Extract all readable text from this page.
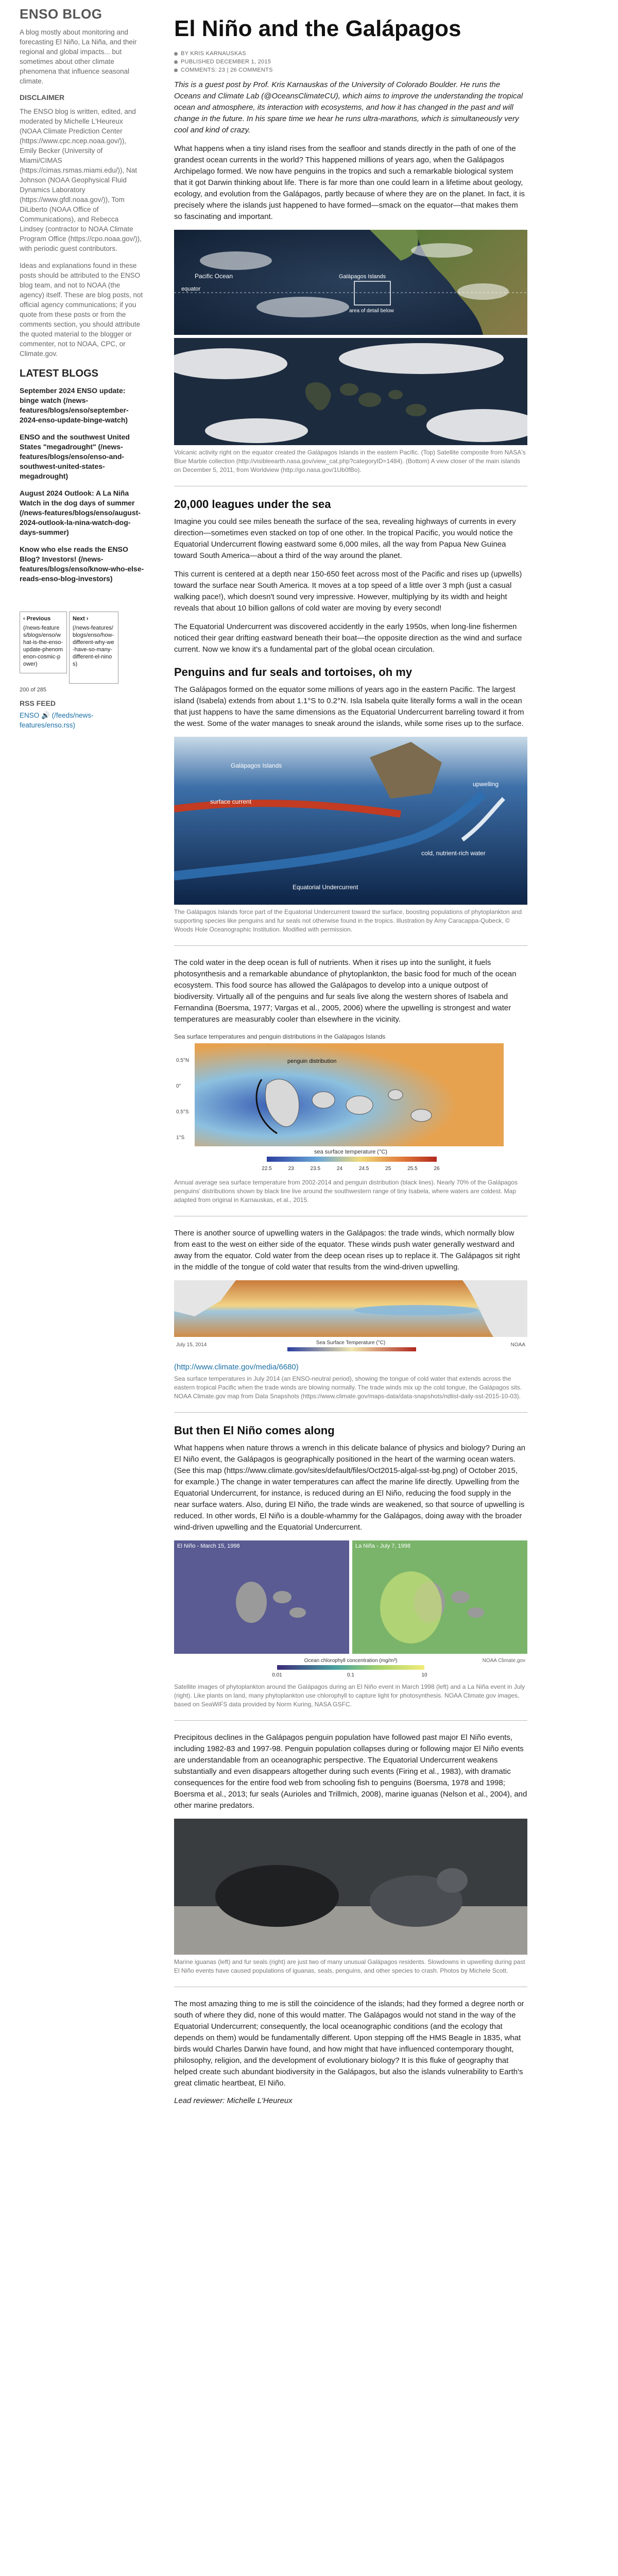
ENSO BLOG
A blog mostly about monitoring and forecasting El Niño, La Niña, and their regional and global impacts... but sometimes about other climate phenomena that influence seasonal climate.
DISCLAIMER
The ENSO blog is written, edited, and moderated by Michelle L'Heureux (NOAA Climate Prediction Center (https://www.cpc.ncep.noaa.gov/)), Emily Becker (University of Miami/CIMAS (https://cimas.rsmas.miami.edu/)), Nat Johnson (NOAA Geophysical Fluid Dynamics Laboratory (https://www.gfdl.noaa.gov/)), Tom DiLiberto (NOAA Office of Communications), and Rebecca Lindsey (contractor to NOAA Climate Program Office (https://cpo.noaa.gov/)), with periodic guest contributors.
Ideas and explanations found in these posts should be attributed to the ENSO blog team, and not to NOAA (the agency) itself. These are blog posts, not official agency communications; if you quote from these posts or from the comments section, you should attribute the quoted material to the blogger or commenter, not to NOAA, CPC, or Climate.gov.
LATEST BLOGS
September 2024 ENSO update: binge watch (/news-features/blogs/enso/september-2024-enso-update-binge-watch)
ENSO and the southwest United States "megadrought" (/news-features/blogs/enso/enso-and-southwest-united-states-megadrought)
August 2024 Outlook: A La Niña Watch in the dog days of summer (/news-features/blogs/enso/august-2024-outlook-la-nina-watch-dog-days-summer)
Know who else reads the ENSO Blog? Investors! (/news-features/blogs/enso/know-who-else-reads-enso-blog-investors)
‹ Previous
(/news-features/blogs/enso/what-is-the-enso-update-phenomenon-cosmic-power)
Next ›
(/news-features/blogs/enso/how-different-why-we-have-so-many-different-el-ninos)
200 of 285
RSS FEED
ENSO 🔊 (/feeds/news-features/enso.rss)
El Niño and the Galápagos
BY KRIS KARNAUSKAS
PUBLISHED DECEMBER 1, 2015
COMMENTS: 23 | 26 COMMENTS

This is a guest post by Prof. Kris Karnauskas of the University of Colorado Boulder. He runs the Oceans and Climate Lab (@OceansClimateCU), which aims to improve the understanding the tropical ocean and atmosphere, its interaction with ecosystems, and how it has changed in the past and will change in the future. In his spare time we hear he runs ultra-marathons, which is simultaneously very cool and kind of crazy.

What happens when a tiny island rises from the seafloor and stands directly in the path of one of the grandest ocean currents in the world? This happened millions of years ago, when the Galápagos Archipelago formed. We now have penguins in the tropics and such a remarkable biological system that it got Darwin thinking about life. There is far more than one could learn in a lifetime about geology, ecology, and evolution from the Galápagos, partly because of where they are on the planet. In fact, it is precisely where the islands just happened to have formed—smack on the equator—that makes them so fascinating and important.

Pacific Ocean	Galápagos Islands
equator
area of detail below

Volcanic activity right on the equator created the Galápagos Islands in the eastern Pacific. (Top) Satellite composite from NASA's Blue Marble collection (http://visibleearth.nasa.gov/view_cat.php?categoryID=1484). (Bottom) A view closer of the main islands on December 5, 2011, from Worldview (http://go.nasa.gov/1Ub0fBo).

20,000 leagues under the sea

Imagine you could see miles beneath the surface of the sea, revealing highways of currents in every direction—sometimes even stacked on top of one other. In the tropical Pacific, you would notice the Equatorial Undercurrent flowing eastward some 6,000 miles, all the way from Papua New Guinea toward South America—about a third of the way around the planet.

This current is centered at a depth near 150-650 feet across most of the Pacific and rises up (upwells) toward the surface near South America. It moves at a top speed of a little over 3 mph (just a casual walking pace!), which doesn't sound very impressive. However, multiplying by its width and height reveals that about 10 billion gallons of cold water are moving by every second!

The Equatorial Undercurrent was discovered accidently in the early 1950s, when long-line fishermen noticed their gear drifting eastward beneath their boat—the opposite direction as the wind and surface current. Now we know it's a fundamental part of the global ocean circulation.

Penguins and fur seals and tortoises, oh my

The Galápagos formed on the equator some millions of years ago in the eastern Pacific. The largest island (Isabela) extends from about 1.1°S to 0.2°N. Isla Isabela quite literally forms a wall in the ocean that just happens to have the same dimensions as the Equatorial Undercurrent barreling toward it from the west. Some of the water manages to sneak around the islands, while some rises up to the surface.

Galápagos Islands
surface current
upwelling
cold, nutrient-rich water
Equatorial Undercurrent

The Galápagos Islands force part of the Equatorial Undercurrent toward the surface, boosting populations of phytoplankton and supporting species like penguins and fur seals not otherwise found in the tropics. Illustration by Amy Caracappa-Qubeck, © Woods Hole Oceanographic Institution. Modified with permission.

The cold water in the deep ocean is full of nutrients. When it rises up into the sunlight, it fuels photosynthesis and a remarkable abundance of phytoplankton, the basic food for much of the ocean ecosystem. This food source has allowed the Galápagos to develop into a unique outpost of biodiversity. Virtually all of the penguins and fur seals live along the western shores of Isabela and Fernandina (Boersma, 1977; Vargas et al., 2005, 2006) where the upwelling is strongest and water temperatures are measurably cooler than elsewhere in the vicinity.

Sea surface temperatures and penguin distributions in the Galápagos Islands
penguin distribution
0.5°N
0°
0.5°S
1°S
sea surface temperature (°C)
22.5	23	23.5	24	24.5	25	25.5	26

Annual average sea surface temperature from 2002-2014 and penguin distribution (black lines). Nearly 70% of the Galápagos penguins' distributions shown by black line live around the southwestern range of tiny Isabela, where waters are coldest. Map adapted from original in Karnauskas, et al., 2015.

There is another source of upwelling waters in the Galápagos: the trade winds, which normally blow from east to the west on either side of the equator. These winds push water generally westward and away from the equator. Cold water from the deep ocean rises up to replace it. The Galápagos sit right in the middle of the tongue of cold water that results from the wind-driven upwelling.

July 15, 2014	Sea Surface Temperature (°C)	NOAA
(http://www.climate.gov/media/6680)

Sea surface temperatures in July 2014 (an ENSO-neutral period), showing the tongue of cold water that extends across the eastern tropical Pacific when the trade winds are blowing normally. The trade winds mix up the cold tongue, the Galápagos sits. NOAA Climate.gov map from Data Snapshots (https://www.climate.gov/maps-data/data-snapshots/ndlist-daily-sst-2015-10-03).

But then El Niño comes along

What happens when nature throws a wrench in this delicate balance of physics and biology? During an El Niño event, the Galápagos is geographically positioned in the heart of the warming ocean waters. (See this map (https://www.climate.gov/sites/default/files/Oct2015-algal-sst-bg.png) of October 2015, for example.) The change in water temperatures can affect the marine life directly. Upwelling from the Equatorial Undercurrent, for instance, is reduced during an El Niño, reducing the food supply in the near surface waters. Also, during El Niño, the trade winds are weakened, so that source of upwelling is reduced. In other words, El Niño is a double-whammy for the Galápagos, doing away with the broader wind-driven upwelling and the Equatorial Undercurrent.

El Niño - March 15, 1998	La Niña - July 7, 1998
Ocean chlorophyll concentration (mg/m³)
0.01	0.1	10
NOAA Climate.gov

Satellite images of phytoplankton around the Galápagos during an El Niño event in March 1998 (left) and a La Niña event in July (right). Like plants on land, many phytoplankton use chlorophyll to capture light for photosynthesis. NOAA Climate.gov images, based on SeaWiFS data provided by Norm Kuring, NASA GSFC.

Precipitous declines in the Galápagos penguin population have followed past major El Niño events, including 1982-83 and 1997-98. Penguin population collapses during or following major El Niño events are understandable from an oceanographic perspective. The Equatorial Undercurrent weakens substantially and even disappears altogether during such events (Firing et al., 1983), with dramatic consequences for the entire food web from schooling fish to penguins (Boersma, 1978 and 1998; Boersma et al., 2013; fur seals (Aurioles and Trillmich, 2008), marine iguanas (Nelson et al., 2004), and other marine predators.

Marine iguanas (left) and fur seals (right) are just two of many unusual Galápagos residents. Slowdowns in upwelling during past El Niño events have caused populations of iguanas, seals, penguins, and other species to crash. Photos by Michele Scott.

The most amazing thing to me is still the coincidence of the islands; had they formed a degree north or south of where they did, none of this would matter. The Galápagos would not stand in the way of the Equatorial Undercurrent; consequently, the local oceanographic conditions (and the ecology that depends on them) would be fundamentally different. Upon stepping off the HMS Beagle in 1835, what birds would Charles Darwin have found, and how might that have influenced contemporary thought, philosophy, religion, and the development of evolutionary biology? It is this fluke of geography that helped create such abundant biodiversity in the Galápagos, but also the islands vulnerability to Earth's great climatic heartbeat, El Niño.

Lead reviewer: Michelle L'Heureux
